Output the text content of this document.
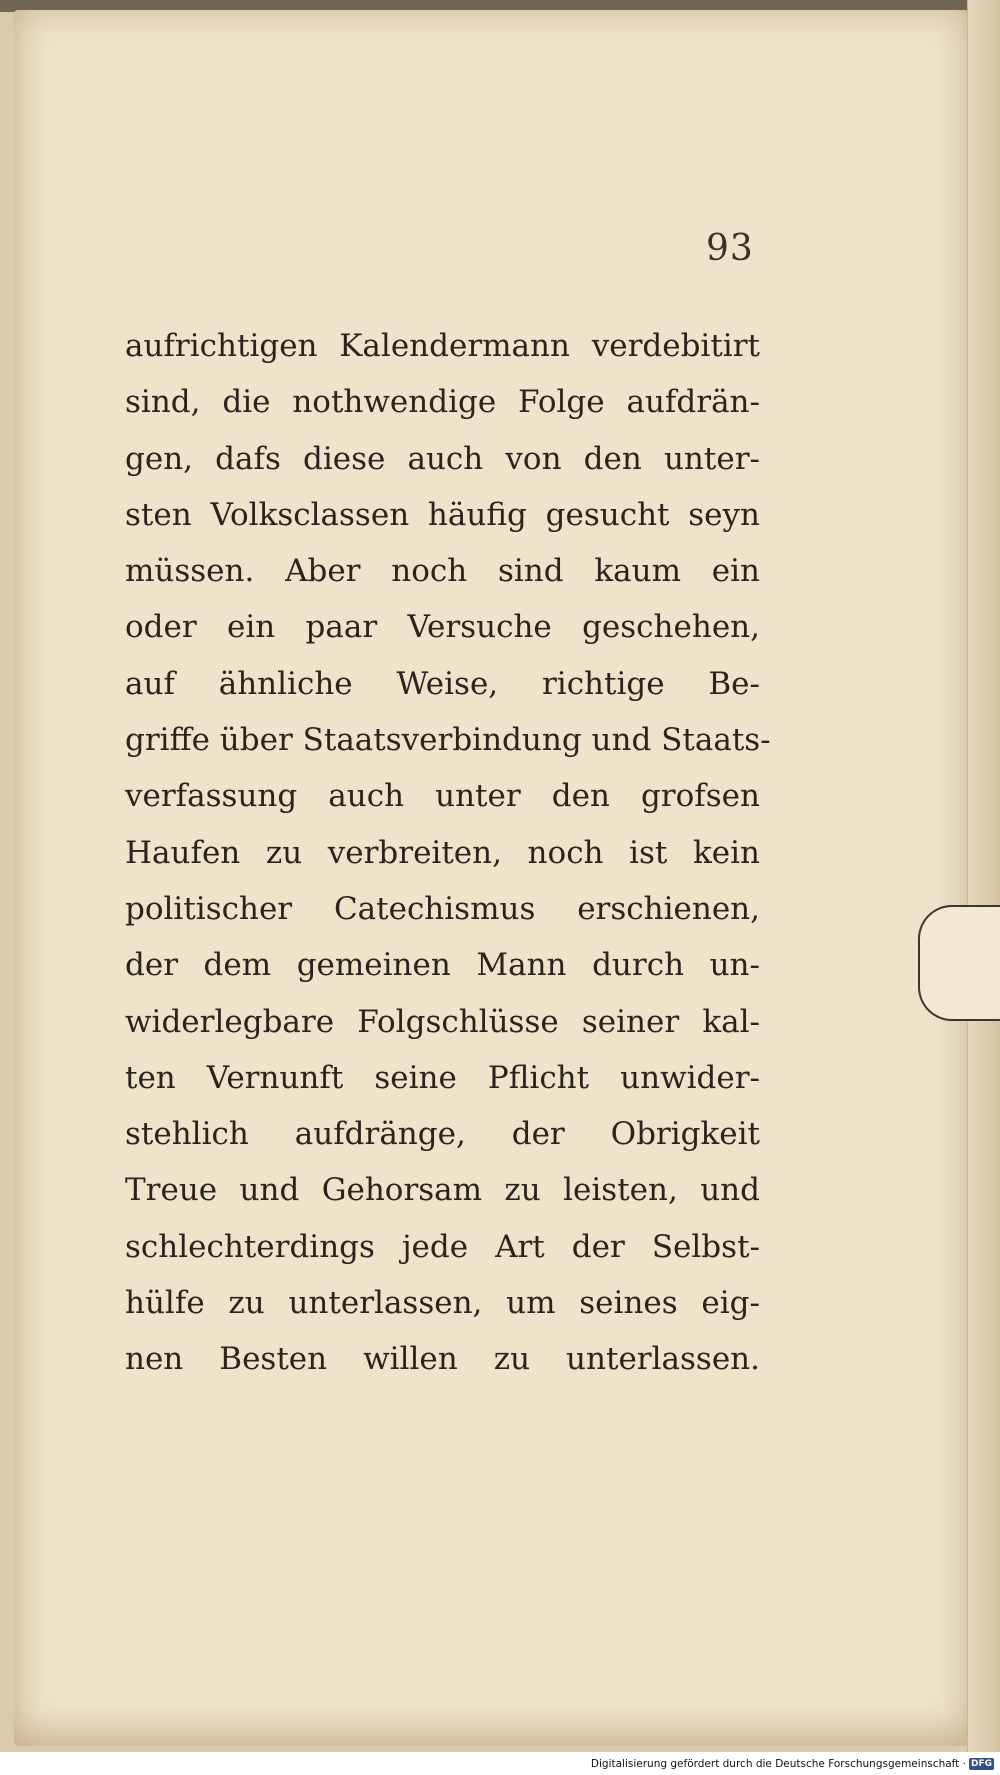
93
aufrichtigen Kalendermann verdebitirt
sind, die nothwendige Folge aufdrän-
gen, dafs diese auch von den unter-
sten Volksclassen häufig gesucht seyn
müssen. Aber noch sind kaum ein
oder ein paar Versuche geschehen,
auf ähnliche Weise, richtige Be-
griffe über Staatsverbindung und Staats-
verfassung auch unter den grofsen
Haufen zu verbreiten, noch ist kein
politischer Catechismus erschienen,
der dem gemeinen Mann durch un-
widerlegbare Folgschlüsse seiner kal-
ten Vernunft seine Pflicht unwider-
stehlich aufdränge, der Obrigkeit
Treue und Gehorsam zu leisten, und
schlechterdings jede Art der Selbst-
hülfe zu unterlassen, um seines eig-
nen Besten willen zu unterlassen.
Digitalisierung gefördert durch die Deutsche Forschungsgemeinschaft · DFG
